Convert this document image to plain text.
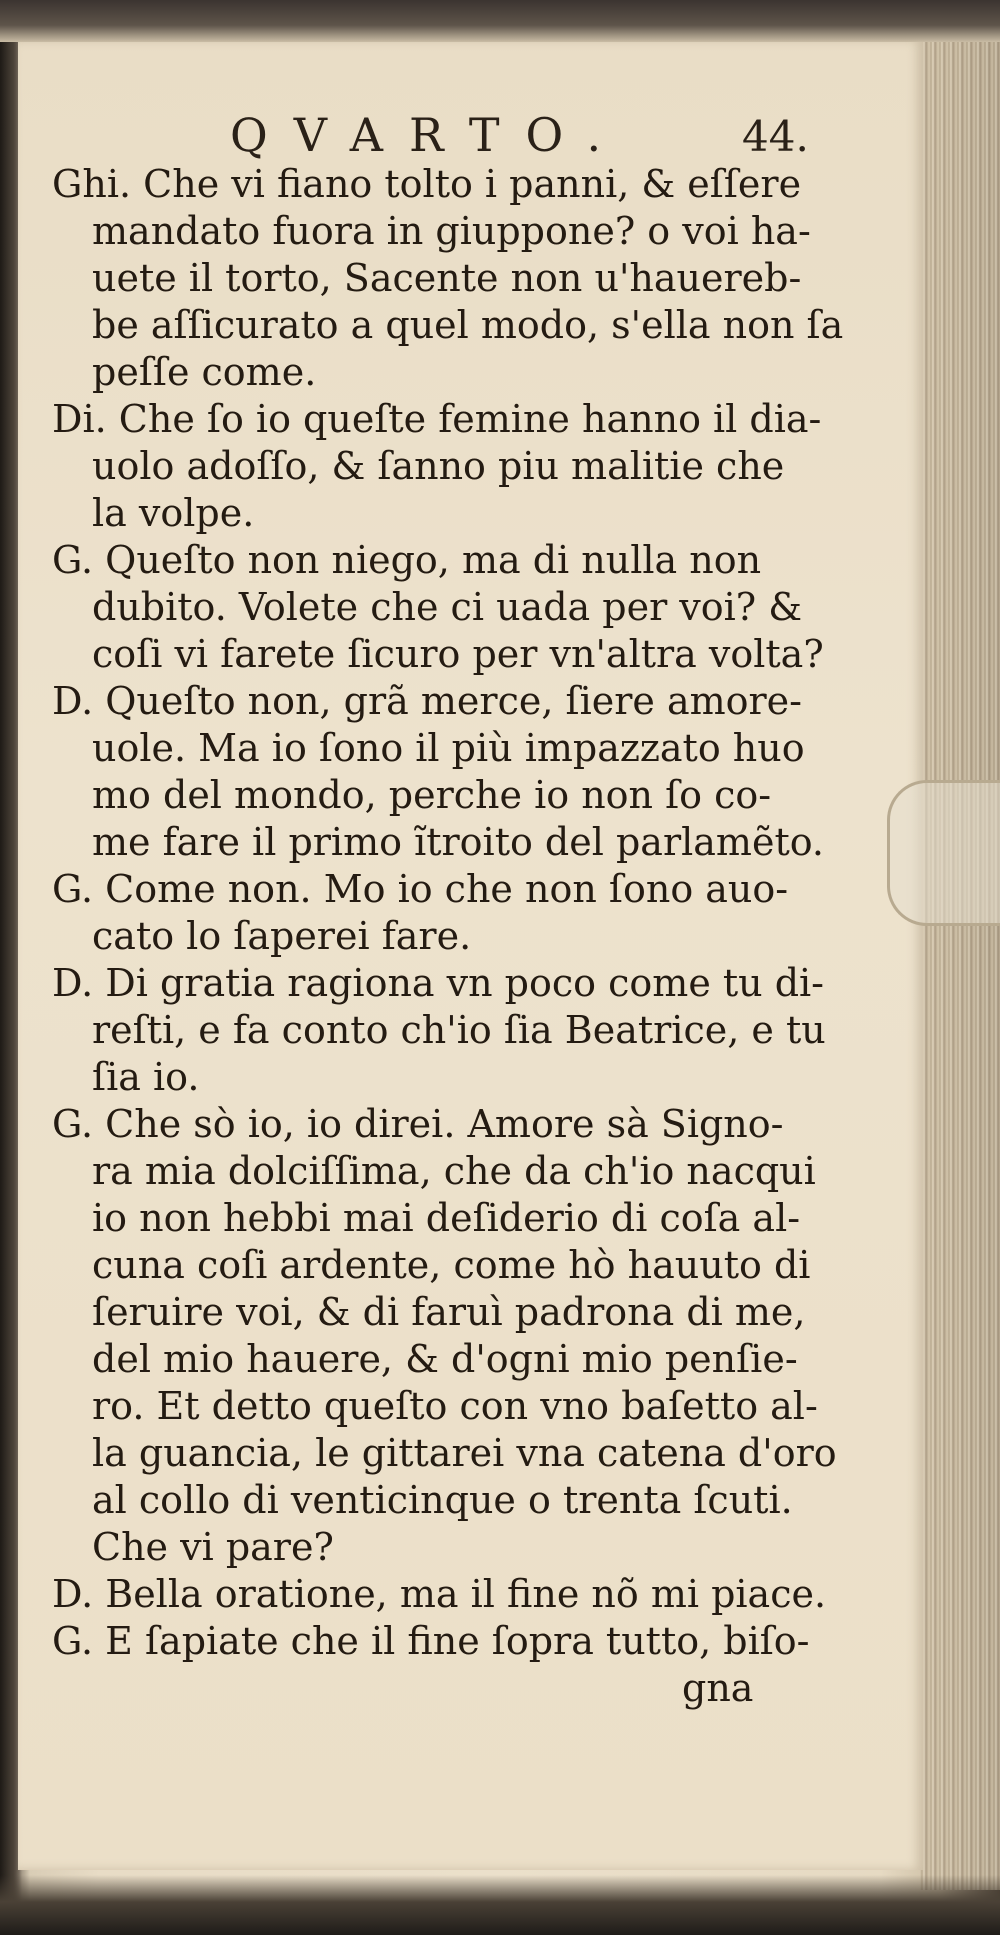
QVARTO.	44.
Ghi. Che vi fiano tolto i panni, & eſſere
mandato fuora in giuppone? o voi ha-
uete il torto, Sacente non u'hauereb-
be aſſicurato a quel modo, s'ella non ſa
peſſe come.
Di. Che ſo io queſte femine hanno il dia-
uolo adoſſo, & ſanno piu malitie che
la volpe.
G. Queſto non niego, ma di nulla non
dubito. Volete che ci uada per voi? &
coſi vi farete ſicuro per vn'altra volta?
D. Queſto non, grã merce, ſiere amore-
uole. Ma io ſono il più impazzato huo
mo del mondo, perche io non ſo co-
me fare il primo ĩtroito del parlamẽto.
G. Come non. Mo io che non ſono auo-
cato lo ſaperei fare.
D. Di gratia ragiona vn poco come tu di-
reſti, e fa conto ch'io ſia Beatrice, e tu
ſia io.
G. Che sò io, io direi. Amore sà Signo-
ra mia dolciſſima, che da ch'io nacqui
io non hebbi mai deſiderio di coſa al-
cuna coſi ardente, come hò hauuto di
ſeruire voi, & di faruì padrona di me,
del mio hauere, & d'ogni mio penſie-
ro. Et detto queſto con vno baſetto al-
la guancia, le gittarei vna catena d'oro
al collo di venticinque o trenta ſcuti.
Che vi pare?
D. Bella oratione, ma il fine nõ mi piace.
G. E ſapiate che il fine ſopra tutto, biſo-
gna
